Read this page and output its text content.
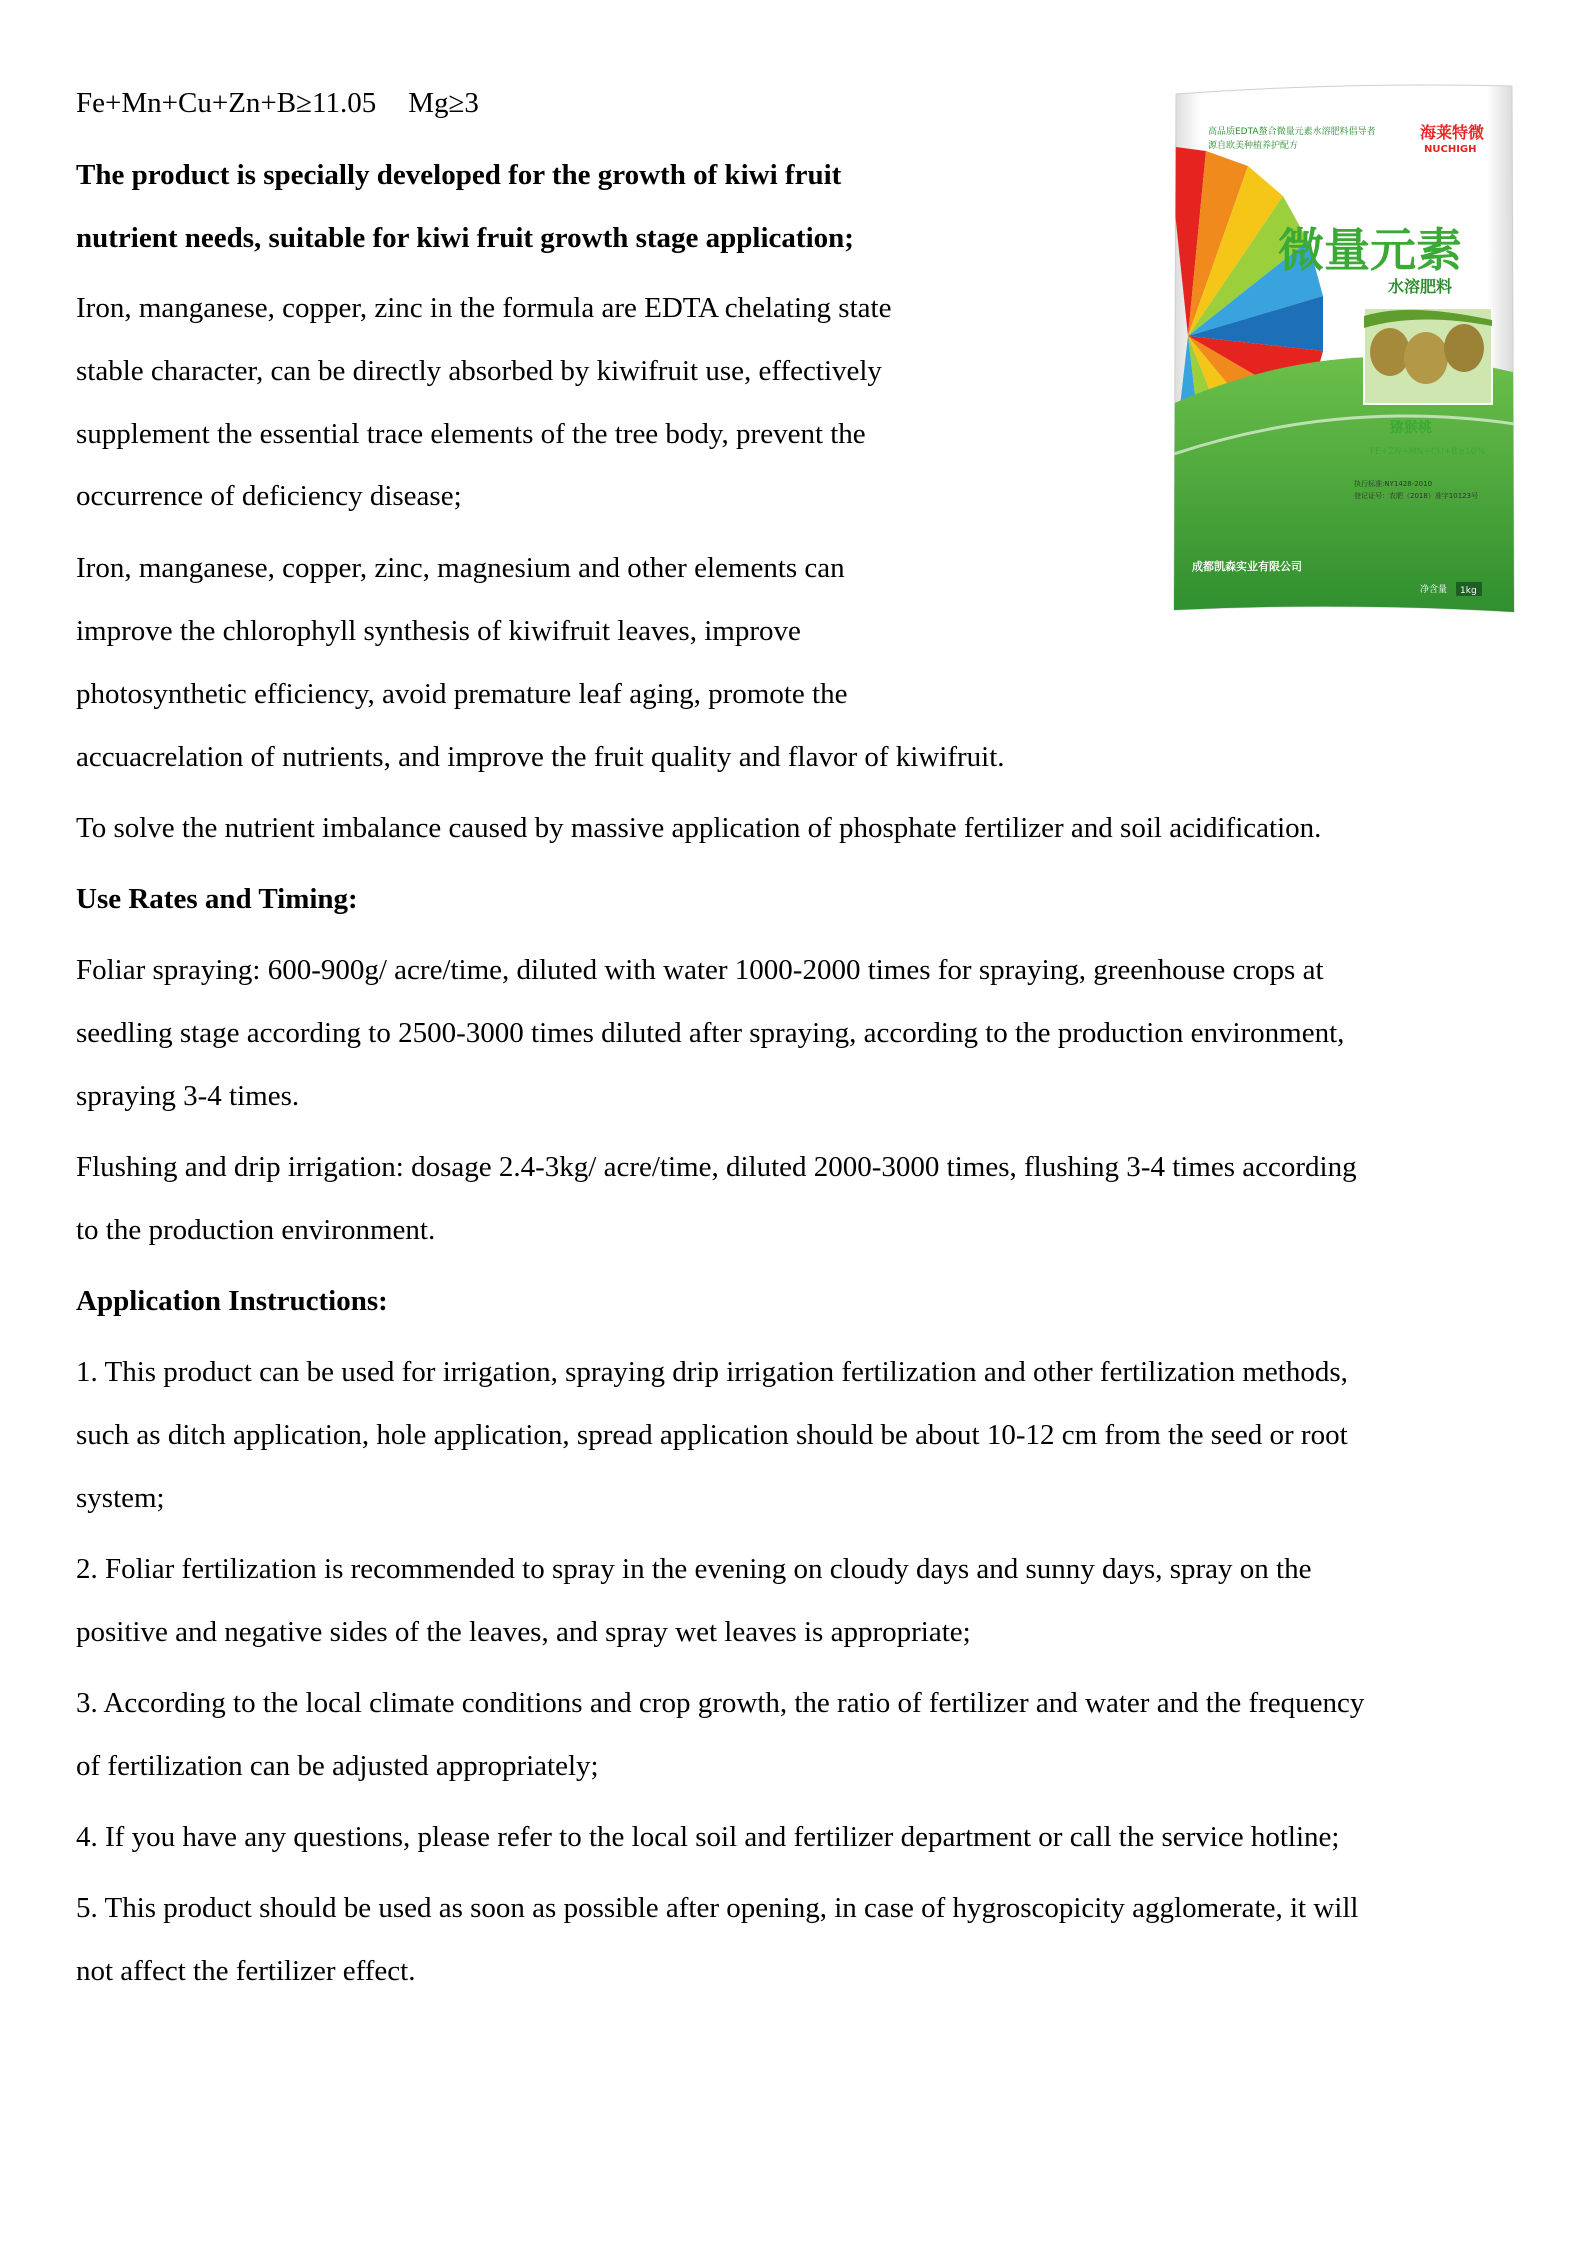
Fe+Mn+Cu+Zn+B≥11.05 Mg≥3
The product is specially developed for the growth of kiwi fruit
nutrient needs, suitable for kiwi fruit growth stage application;
Iron, manganese, copper, zinc in the formula are EDTA chelating state
stable character, can be directly absorbed by kiwifruit use, effectively
supplement the essential trace elements of the tree body, prevent the
occurrence of deficiency disease;
Iron, manganese, copper, zinc, magnesium and other elements can
improve the chlorophyll synthesis of kiwifruit leaves, improve
photosynthetic efficiency, avoid premature leaf aging, promote the
accuacrelation of nutrients, and improve the fruit quality and flavor of kiwifruit.
To solve the nutrient imbalance caused by massive application of phosphate fertilizer and soil acidification.
Use Rates and Timing:
Foliar spraying: 600-900g/ acre/time, diluted with water 1000-2000 times for spraying, greenhouse crops at
seedling stage according to 2500-3000 times diluted after spraying, according to the production environment,
spraying 3-4 times.
Flushing and drip irrigation: dosage 2.4-3kg/ acre/time, diluted 2000-3000 times, flushing 3-4 times according
to the production environment.
Application Instructions:
1. This product can be used for irrigation, spraying drip irrigation fertilization and other fertilization methods,
such as ditch application, hole application, spread application should be about 10-12 cm from the seed or root
system;
2. Foliar fertilization is recommended to spray in the evening on cloudy days and sunny days, spray on the
positive and negative sides of the leaves, and spray wet leaves is appropriate;
3. According to the local climate conditions and crop growth, the ratio of fertilizer and water and the frequency
of fertilization can be adjusted appropriately;
4. If you have any questions, please refer to the local soil and fertilizer department or call the service hotline;
5. This product should be used as soon as possible after opening, in case of hygroscopicity agglomerate, it will
not affect the fertilizer effect.
高品质EDTA螯合微量元素水溶肥料倡导者
源自欧美种植养护配方
海莱特微
NUCHIGH
微量元素
水溶肥料
猕猴桃
FE+ZN+MN+CU+B≥10%
执行标准:NY1428-2010
登记证号：农肥（2018）准字10123号
成都凯森实业有限公司
净含量 1kg
